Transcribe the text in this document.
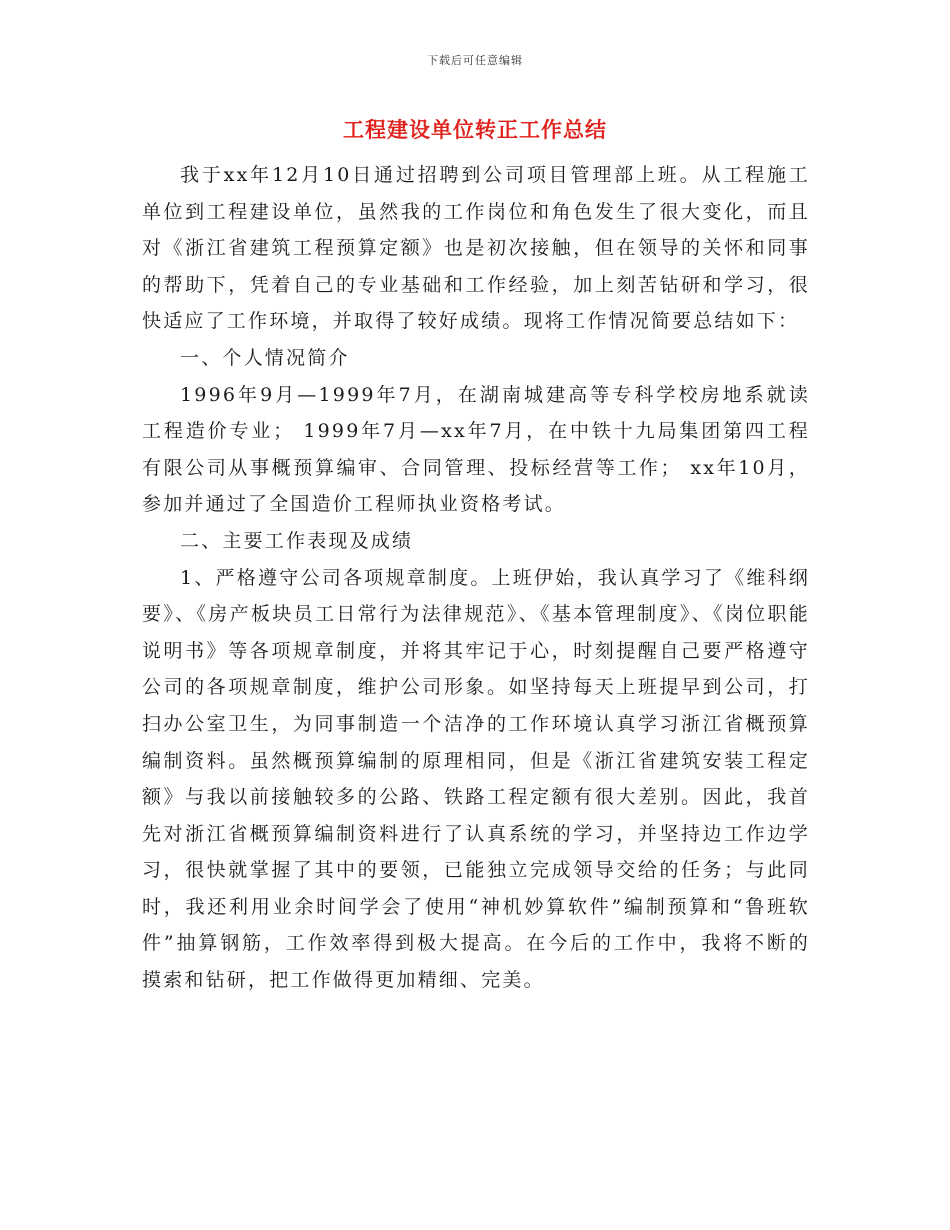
下载后可任意编辑
工程建设单位转正工作总结

我于xx年12月10日通过招聘到公司项目管理部上班。从工程施工单位到工程建设单位，虽然我的工作岗位和角色发生了很大变化，而且对《浙江省建筑工程预算定额》也是初次接触，但在领导的关怀和同事的帮助下，凭着自己的专业基础和工作经验，加上刻苦钻研和学习，很快适应了工作环境，并取得了较好成绩。现将工作情况简要总结如下：

一、个人情况简介

1996年9月—1999年7月，在湖南城建高等专科学校房地系就读工程造价专业； 1999年7月—xx年7月，在中铁十九局集团第四工程有限公司从事概预算编审、合同管理、投标经营等工作； xx年10月，参加并通过了全国造价工程师执业资格考试。

二、主要工作表现及成绩

1、严格遵守公司各项规章制度。上班伊始，我认真学习了《维科纲要》、《房产板块员工日常行为法律规范》、《基本管理制度》、《岗位职能说明书》等各项规章制度，并将其牢记于心，时刻提醒自己要严格遵守公司的各项规章制度，维护公司形象。如坚持每天上班提早到公司，打扫办公室卫生，为同事制造一个洁净的工作环境认真学习浙江省概预算编制资料。虽然概预算编制的原理相同，但是《浙江省建筑安装工程定额》与我以前接触较多的公路、铁路工程定额有很大差别。因此，我首先对浙江省概预算编制资料进行了认真系统的学习，并坚持边工作边学习，很快就掌握了其中的要领，已能独立完成领导交给的任务；与此同时，我还利用业余时间学会了使用“神机妙算软件”编制预算和“鲁班软件”抽算钢筋，工作效率得到极大提高。在今后的工作中，我将不断的摸索和钻研，把工作做得更加精细、完美。
